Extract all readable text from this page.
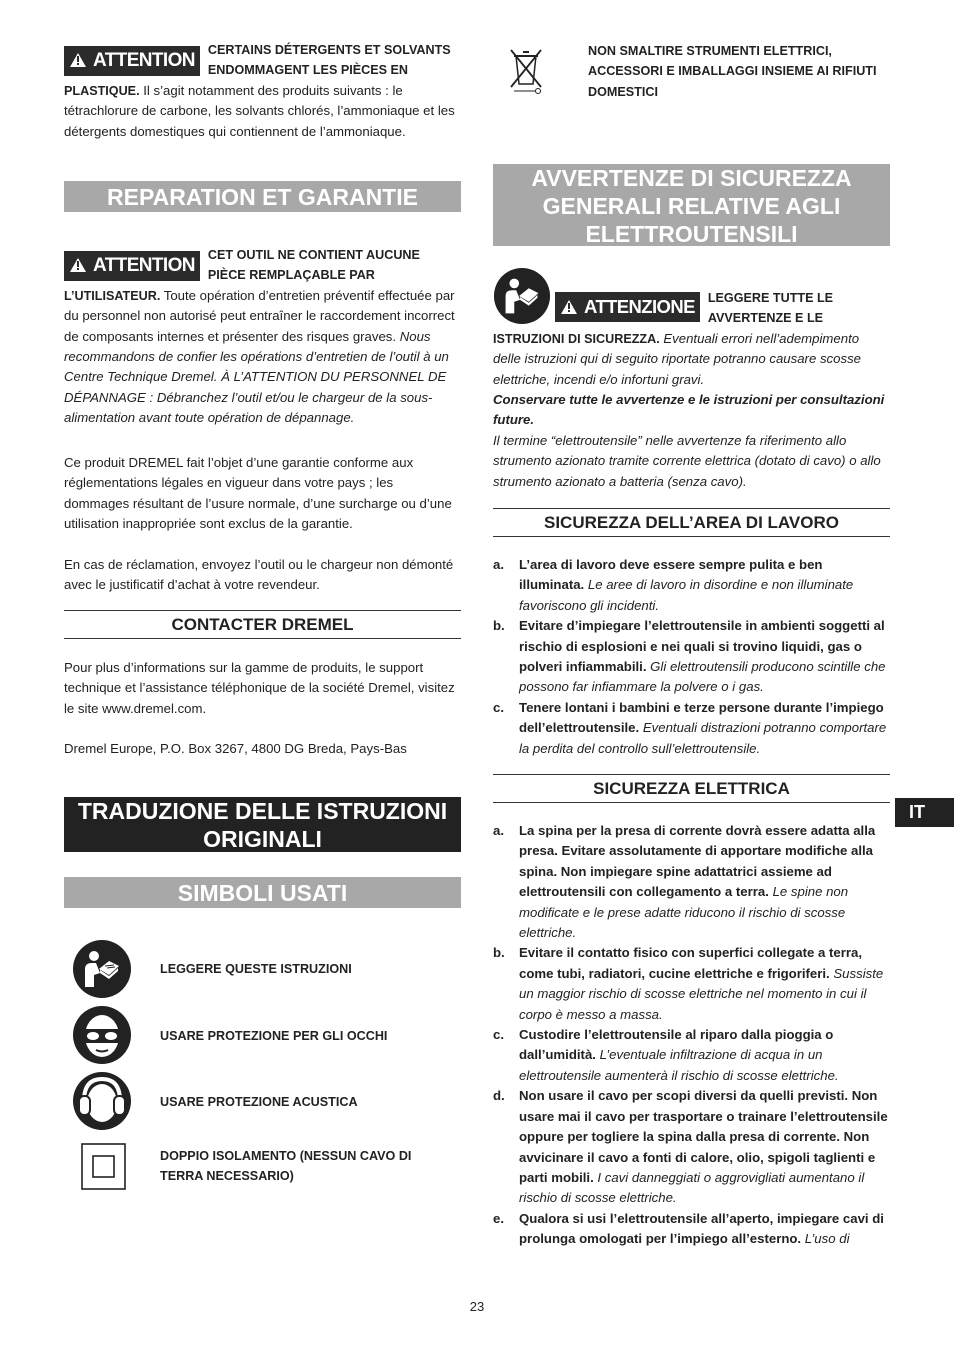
ATTENTION	CERTAINS DÉTERGENTS ET SOLVANTS ENDOMMAGENT LES PIÈCES EN PLASTIQUE. Il s’agit notamment des produits suivants : le tétrachlorure de carbone, les solvants chlorés, l’ammoniaque et les détergents domestiques qui contiennent de l’ammoniaque.

REPARATION ET GARANTIE
ATTENTION	CET OUTIL NE CONTIENT AUCUNE PIÈCE REMPLAÇABLE PAR L’UTILISATEUR. Toute opération d’entretien préventif effectuée par du personnel non autorisé peut entraîner le raccordement incorrect de composants internes et présenter des risques graves. Nous recommandons de confier les opérations d’entretien de l’outil à un Centre Technique Dremel. À L’ATTENTION DU PERSONNEL DE DÉPANNAGE : Débranchez l’outil et/ou le chargeur de la sous-alimentation avant toute opération de dépannage.

Ce produit DREMEL fait l’objet d’une garantie conforme aux réglementations légales en vigueur dans votre pays ; les dommages résultant de l’usure normale, d’une surcharge ou d’une utilisation inappropriée sont exclus de la garantie.

En cas de réclamation, envoyez l’outil ou le chargeur non démonté avec le justificatif d’achat à votre revendeur.

CONTACTER DREMEL

Pour plus d’informations sur la gamme de produits, le support technique et l’assistance téléphonique de la société Dremel, visitez le site www.dremel.com.

Dremel Europe, P.O. Box 3267, 4800 DG Breda, Pays-Bas

TRADUZIONE DELLE ISTRUZIONI ORIGINALI
SIMBOLI USATI
LEGGERE QUESTE ISTRUZIONI
USARE PROTEZIONE PER GLI OCCHI
USARE PROTEZIONE ACUSTICA
DOPPIO ISOLAMENTO (NESSUN CAVO DI TERRA NECESSARIO)
NON SMALTIRE STRUMENTI ELETTRICI, ACCESSORI E IMBALLAGGI INSIEME AI RIFIUTI DOMESTICI
AVVERTENZE DI SICUREZZA GENERALI RELATIVE AGLI ELETTROUTENSILI
ATTENZIONE	LEGGERE TUTTE LE AVVERTENZE E LE ISTRUZIONI DI SICUREZZA. Eventuali errori nell’adempimento delle istruzioni qui di seguito riportate potranno causare scosse elettriche, incendi e/o infortuni gravi.

Conservare tutte le avvertenze e le istruzioni per consultazioni future.

Il termine “elettroutensile” nelle avvertenze fa riferimento allo strumento azionato tramite corrente elettrica (dotato di cavo) o allo strumento azionato a batteria (senza cavo).

SICUREZZA DELL’AREA DI LAVORO
a. L’area di lavoro deve essere sempre pulita e ben illuminata. Le aree di lavoro in disordine e non illuminate favoriscono gli incidenti.
b. Evitare d’impiegare l’elettroutensile in ambienti soggetti al rischio di esplosioni e nei quali si trovino liquidi, gas o polveri infiammabili. Gli elettroutensili producono scintille che possono far infiammare la polvere o i gas.
c. Tenere lontani i bambini e terze persone durante l’impiego dell’elettroutensile. Eventuali distrazioni potranno comportare la perdita del controllo sull’elettroutensile.
SICUREZZA ELETTRICA
a. La spina per la presa di corrente dovrà essere adatta alla presa. Evitare assolutamente di apportare modifiche alla spina. Non impiegare spine adattatrici assieme ad elettroutensili con collegamento a terra. Le spine non modificate e le prese adatte riducono il rischio di scosse elettriche.
b. Evitare il contatto fisico con superfici collegate a terra, come tubi, radiatori, cucine elettriche e frigoriferi. Sussiste un maggior rischio di scosse elettriche nel momento in cui il corpo è messo a massa.
c. Custodire l’elettroutensile al riparo dalla pioggia o dall’umidità. L’eventuale infiltrazione di acqua in un elettroutensile aumenterà il rischio di scosse elettriche.
d. Non usare il cavo per scopi diversi da quelli previsti. Non usare mai il cavo per trasportare o trainare l’elettroutensile oppure per togliere la spina dalla presa di corrente. Non avvicinare il cavo a fonti di calore, olio, spigoli taglienti e parti mobili. I cavi danneggiati o aggrovigliati aumentano il rischio di scosse elettriche.
e. Qualora si usi l’elettroutensile all’aperto, impiegare cavi di prolunga omologati per l’impiego all’esterno. L’uso di
IT
23
